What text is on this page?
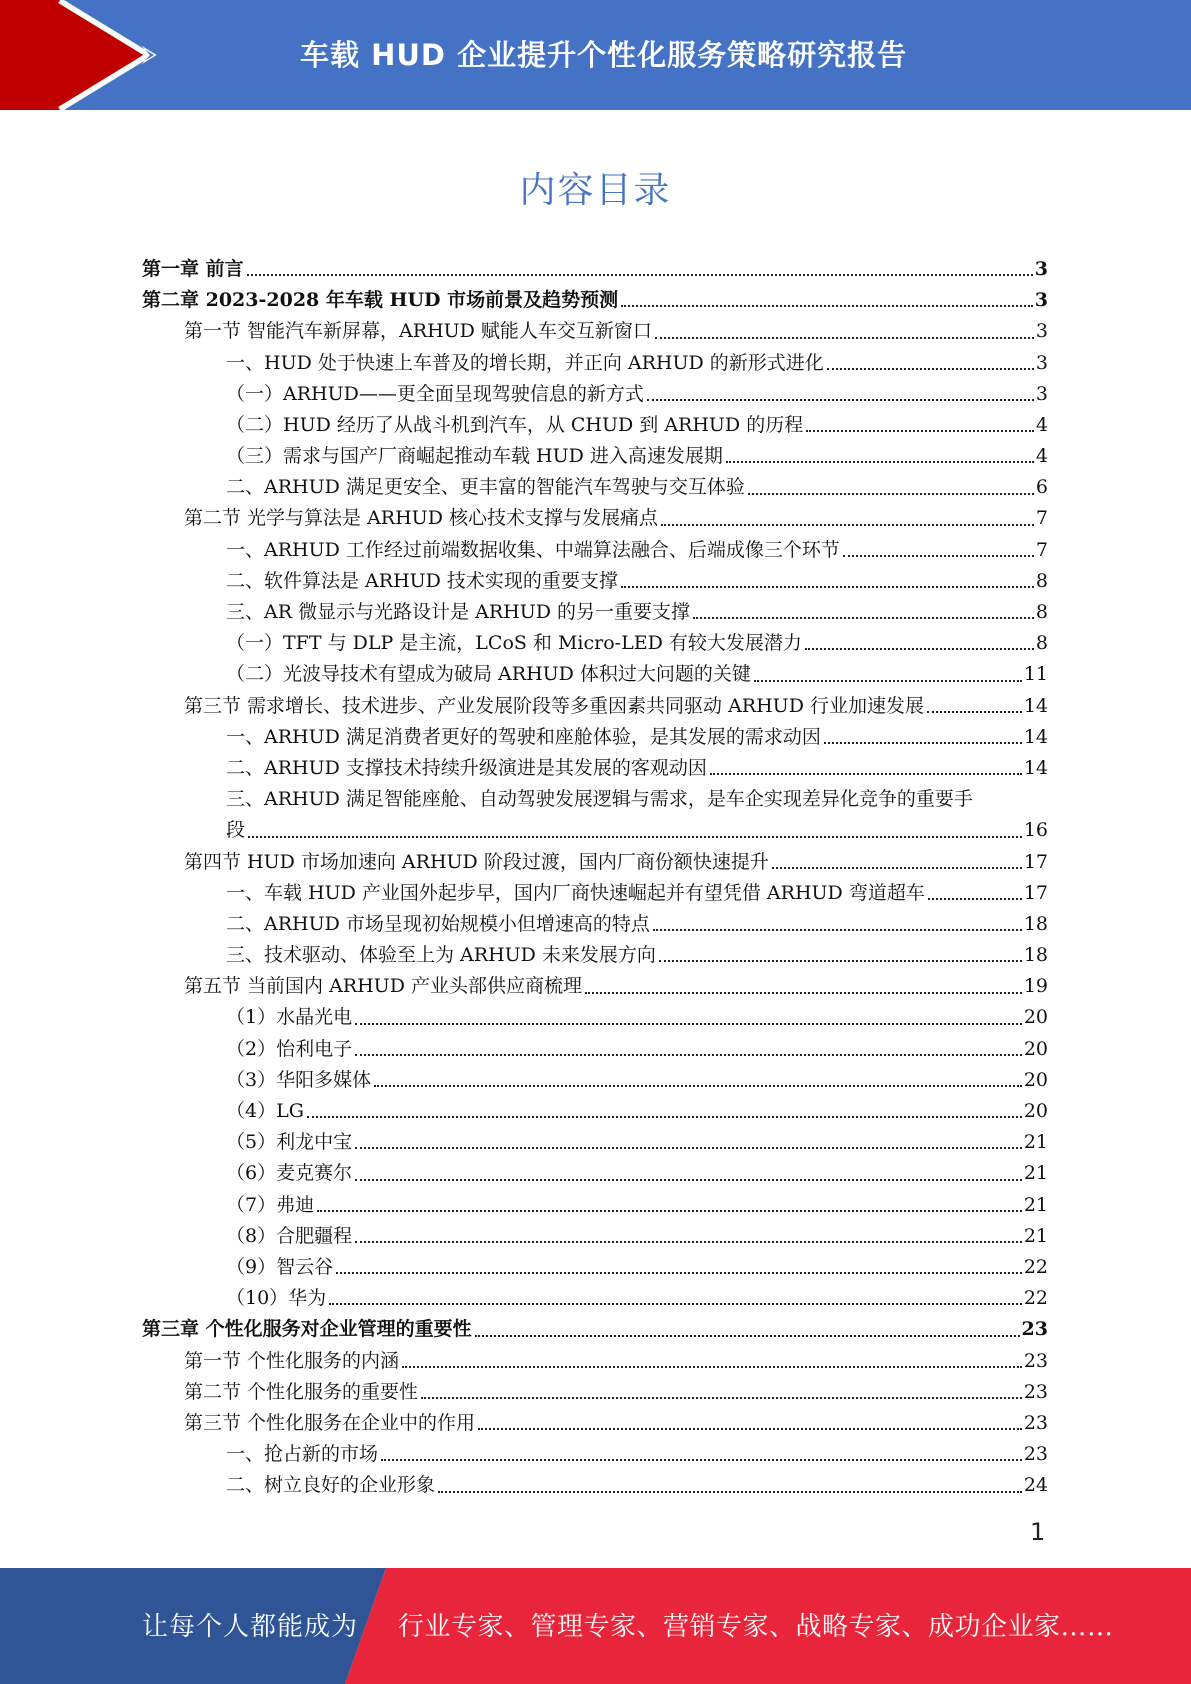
车载 HUD 企业提升个性化服务策略研究报告
内容目录
第一章 前言	3
第二章 2023-2028 年车载 HUD 市场前景及趋势预测	3
第一节 智能汽车新屏幕，ARHUD 赋能人车交互新窗口	3
一、HUD 处于快速上车普及的增长期，并正向 ARHUD 的新形式进化	3
（一）ARHUD——更全面呈现驾驶信息的新方式	3
（二）HUD 经历了从战斗机到汽车，从 CHUD 到 ARHUD 的历程	4
（三）需求与国产厂商崛起推动车载 HUD 进入高速发展期	4
二、ARHUD 满足更安全、更丰富的智能汽车驾驶与交互体验	6
第二节 光学与算法是 ARHUD 核心技术支撑与发展痛点	7
一、ARHUD 工作经过前端数据收集、中端算法融合、后端成像三个环节	7
二、软件算法是 ARHUD 技术实现的重要支撑	8
三、AR 微显示与光路设计是 ARHUD 的另一重要支撑	8
（一）TFT 与 DLP 是主流，LCoS 和 Micro-LED 有较大发展潜力	8
（二）光波导技术有望成为破局 ARHUD 体积过大问题的关键	11
第三节 需求增长、技术进步、产业发展阶段等多重因素共同驱动 ARHUD 行业加速发展	14
一、ARHUD 满足消费者更好的驾驶和座舱体验，是其发展的需求动因	14
二、ARHUD 支撑技术持续升级演进是其发展的客观动因	14
三、ARHUD 满足智能座舱、自动驾驶发展逻辑与需求，是车企实现差异化竞争的重要手
段	16
第四节 HUD 市场加速向 ARHUD 阶段过渡，国内厂商份额快速提升	17
一、车载 HUD 产业国外起步早，国内厂商快速崛起并有望凭借 ARHUD 弯道超车	17
二、ARHUD 市场呈现初始规模小但增速高的特点	18
三、技术驱动、体验至上为 ARHUD 未来发展方向	18
第五节 当前国内 ARHUD 产业头部供应商梳理	19
（1）水晶光电	20
（2）怡利电子	20
（3）华阳多媒体	20
（4）LG	20
（5）利龙中宝	21
（6）麦克赛尔	21
（7）弗迪	21
（8）合肥疆程	21
（9）智云谷	22
（10）华为	22
第三章 个性化服务对企业管理的重要性	23
第一节 个性化服务的内涵	23
第二节 个性化服务的重要性	23
第三节 个性化服务在企业中的作用	23
一、抢占新的市场	23
二、树立良好的企业形象	24
1
让每个人都能成为 行业专家、管理专家、营销专家、战略专家、成功企业家……
